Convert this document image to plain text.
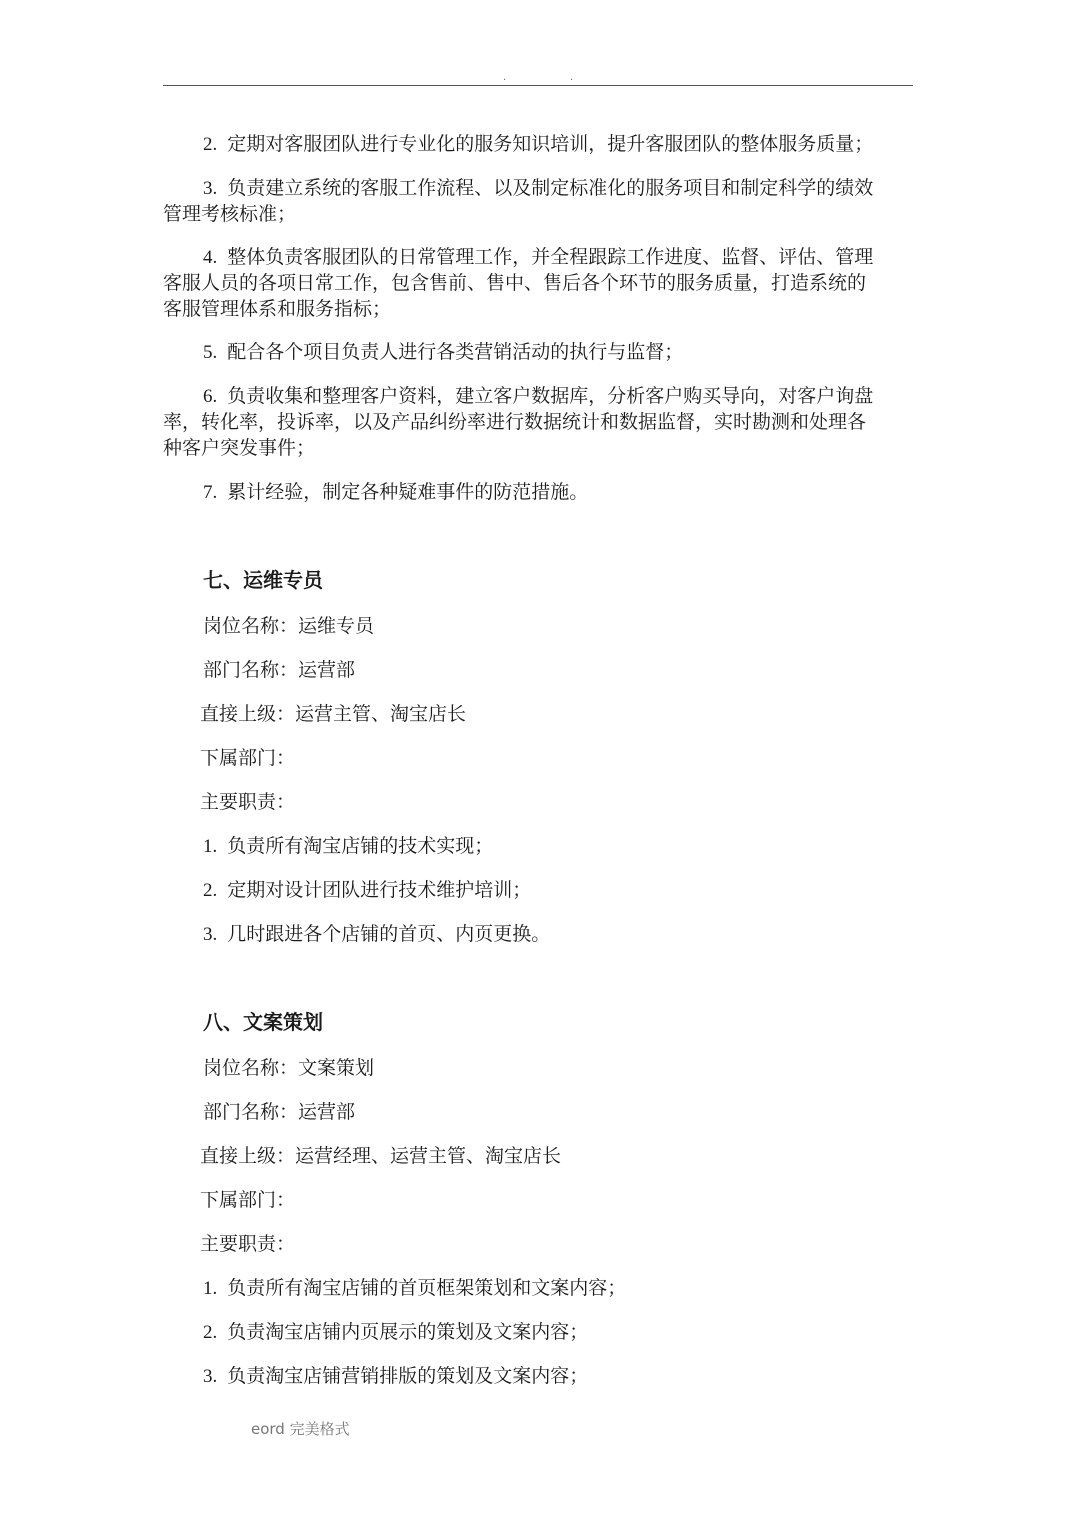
.	.
2. 定期对客服团队进行专业化的服务知识培训，提升客服团队的整体服务质量；
3. 负责建立系统的客服工作流程、以及制定标准化的服务项目和制定科学的绩效
管理考核标准；
4. 整体负责客服团队的日常管理工作，并全程跟踪工作进度、监督、评估、管理
客服人员的各项日常工作，包含售前、售中、售后各个环节的服务质量，打造系统的
客服管理体系和服务指标；
5. 配合各个项目负责人进行各类营销活动的执行与监督；
6. 负责收集和整理客户资料，建立客户数据库，分析客户购买导向，对客户询盘
率，转化率，投诉率，以及产品纠纷率进行数据统计和数据监督，实时勘测和处理各
种客户突发事件；
7. 累计经验，制定各种疑难事件的防范措施。
七、运维专员
岗位名称：运维专员
部门名称：运营部
直接上级：运营主管、淘宝店长
下属部门：
主要职责：
1. 负责所有淘宝店铺的技术实现；
2. 定期对设计团队进行技术维护培训；
3. 几时跟进各个店铺的首页、内页更换。
八、文案策划
岗位名称：文案策划
部门名称：运营部
直接上级：运营经理、运营主管、淘宝店长
下属部门：
主要职责：
1. 负责所有淘宝店铺的首页框架策划和文案内容；
2. 负责淘宝店铺内页展示的策划及文案内容；
3. 负责淘宝店铺营销排版的策划及文案内容；
eord 完美格式
